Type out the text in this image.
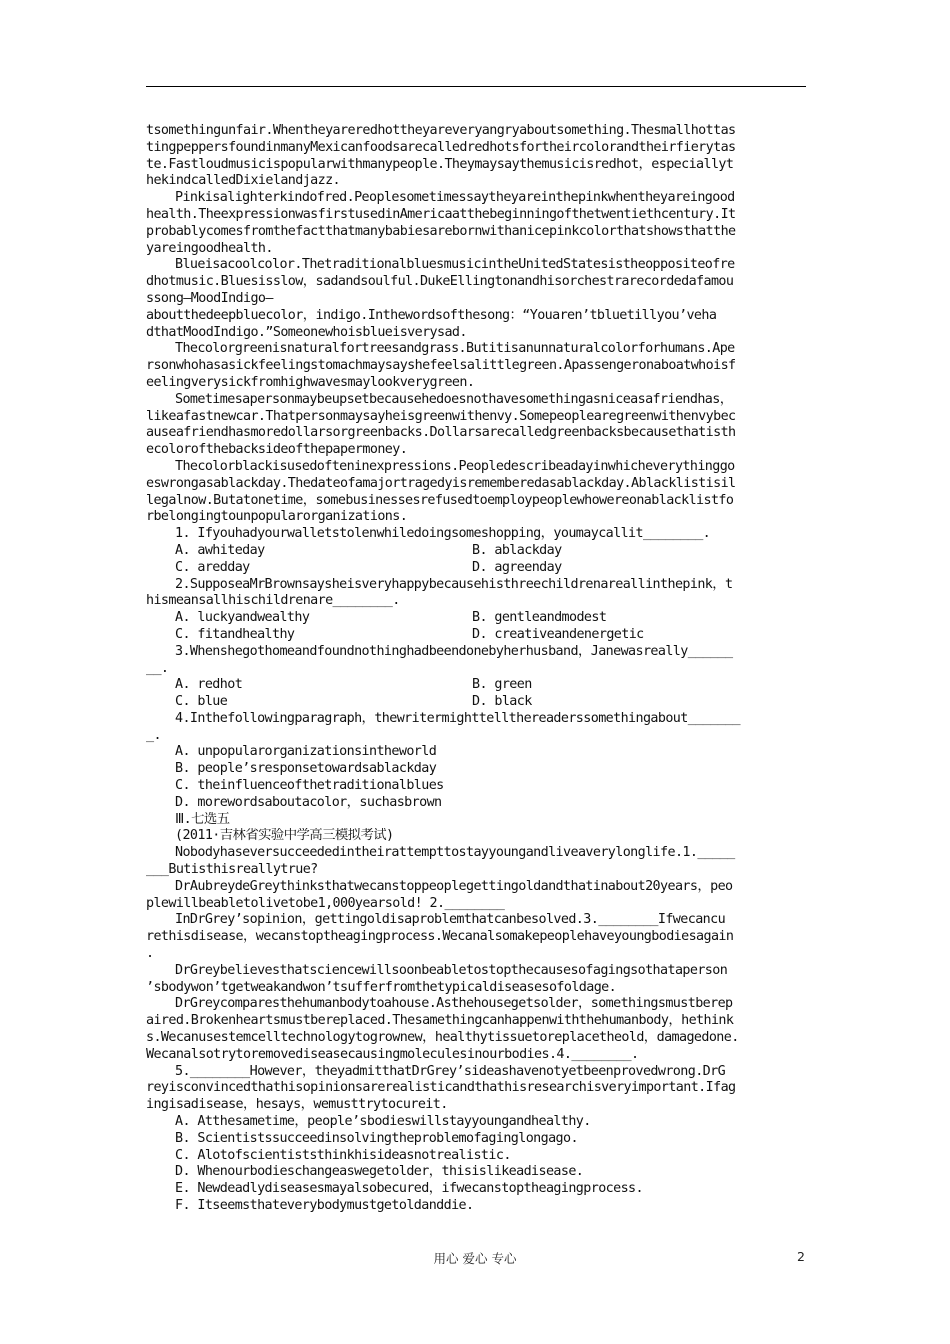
tsomethingunfair.Whentheyareredhottheyareveryangryaboutsomething.Thesmallhottas
tingpeppersfoundinmanyMexicanfoodsarecalledredhotsfortheircolorandtheirfierytas
te.Fastloudmusicispopularwithmanypeople.Theymaysaythemusicisredhot，especiallyt
hekindcalledDixielandjazz.
Pinkisalighterkindofred.Peoplesometimessaytheyareinthepinkwhentheyareingood
health.TheexpressionwasfirstusedinAmericaatthebeginningofthetwentiethcentury.It
probablycomesfromthefactthatmanybabiesarebornwithanicepinkcolorthatshowsthatthe
yareingoodhealth.
Blueisacoolcolor.ThetraditionalbluesmusicintheUnitedStatesistheoppositeofre
dhotmusic.Bluesisslow，sadandsoulful.DukeEllingtonandhisorchestrarecordedafamou
ssong—MoodIndigo—
aboutthedeepbluecolor，indigo.Inthewordsofthesong：“Youaren’tbluetillyou’veha
dthatMoodIndigo.”Someonewhoisblueisverysad.
Thecolorgreenisnaturalfortreesandgrass.Butitisanunnaturalcolorforhumans.Ape
rsonwhohasasickfeelingstomachmaysayshefeelsalittlegreen.Apassengeronaboatwhoisf
eelingverysickfromhighwavesmaylookverygreen.
Sometimesapersonmaybeupsetbecausehedoesnothavesomethingasniceasafriendhas，
likeafastnewcar.Thatpersonmaysayheisgreenwithenvy.Somepeoplearegreenwithenvybec
auseafriendhasmoredollarsorgreenbacks.Dollarsarecalledgreenbacksbecausethatisth
ecolorofthebacksideofthepapermoney.
Thecolorblackisusedofteninexpressions.Peopledescribeadayinwhicheverythinggo
eswrongasablackday.Thedateofamajortragedyisrememberedasablackday.Ablacklistisil
legalnow.Butatonetime，somebusinessesrefusedtoemploypeoplewhowereonablacklistfo
rbelongingtounpopularorganizations.
1. Ifyouhadyourwalletstolenwhiledoingsomeshopping，youmaycallit________.
A. awhiteday	B. ablackday
C. aredday	D. agreenday
2.SupposeaMrBrownsaysheisveryhappybecausehisthreechildrenareallinthepink，t
hismeansallhischildrenare________.
A. luckyandwealthy	B. gentleandmodest
C. fitandhealthy	D. creativeandenergetic
3.Whenshegothomeandfoundnothinghadbeendonebyherhusband，Janewasreally______
__.
A. redhot	B. green
C. blue	D. black
4.Inthefollowingparagraph，thewritermighttellthereaderssomethingabout_______
_.
A. unpopularorganizationsintheworld
B. people’sresponsetowardsablackday
C. theinfluenceofthetraditionalblues
D. morewordsaboutacolor，suchasbrown
Ⅲ.七选五
(2011·吉林省实验中学高三模拟考试)
Nobodyhaseversucceededintheirattempttostayyoungandliveaverylonglife.1._____
___Butisthisreallytrue?
DrAubreydeGreythinksthatwecanstoppeoplegettingoldandthatinabout20years，peo
plewillbeabletolivetobe1,000yearsold! 2.________
InDrGrey’sopinion，gettingoldisaproblemthatcanbesolved.3.________Ifwecancu
rethisdisease，wecanstoptheagingprocess.Wecanalsomakepeoplehaveyoungbodiesagain
.
DrGreybelievesthatsciencewillsoonbeabletostopthecausesofagingsothataperson
’sbodywon’tgetweakandwon’tsufferfromthetypicaldiseasesofoldage.
DrGreycomparesthehumanbodytoahouse.Asthehousegetsolder，somethingsmustberep
aired.Brokenheartsmustbereplaced.Thesamethingcanhappenwiththehumanbody，hethink
s.Wecanusestemcelltechnologytogrownew，healthytissuetoreplacetheold，damagedone.
Wecanalsotrytoremovediseasecausingmoleculesinourbodies.4.________.
5.________However，theyadmitthatDrGrey’sideashavenotyetbeenprovedwrong.DrG
reyisconvincedthathisopinionsarerealisticandthathisresearchisveryimportant.Ifag
ingisadisease，hesays，wemusttrytocureit.
A. Atthesametime，people’sbodieswillstayyoungandhealthy.
B. Scientistssucceedinsolvingtheproblemofaginglongago.
C. Alotofscientiststhinkhisideasnotrealistic.
D. Whenourbodieschangeaswegetolder，thisislikeadisease.
E. Newdeadlydiseasesmayalsobecured，ifwecanstoptheagingprocess.
F. Itseemsthateverybodymustgetoldanddie.
用心 爱心 专心	2
